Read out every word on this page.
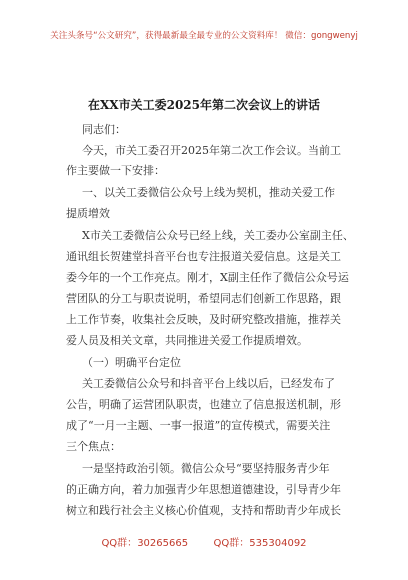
关注头条号“公文研究”，获得最新最全最专业的公文资料库！ 微信：gongwenyj
在XX市关工委2025年第二次会议上的讲话
同志们：
今天，市关工委召开2025年第二次工作会议。当前工
作主要做一下安排：
一、以关工委微信公众号上线为契机，推动关爱工作
提质增效
X市关工委微信公众号已经上线，关工委办公室副主任、
通讯组长贺建堂抖音平台也专注报道关爱信息。这是关工
委今年的一个工作亮点。刚才，X副主任作了微信公众号运
营团队的分工与职责说明，希望同志们创新工作思路，跟
上工作节奏，收集社会反映，及时研究整改措施，推荐关
爱人员及相关文章，共同推进关爱工作提质增效。
（一）明确平台定位
关工委微信公众号和抖音平台上线以后，已经发布了
公告，明确了运营团队职责，也建立了信息报送机制，形
成了“一月一主题、一事一报道”的宣传模式，需要关注
三个焦点：
一是坚持政治引领。微信公众号“要坚持服务青少年
的正确方向，着力加强青少年思想道德建设，引导青少年
树立和践行社会主义核心价值观，支持和帮助青少年成长
QQ群：30265665	QQ群：535304092
